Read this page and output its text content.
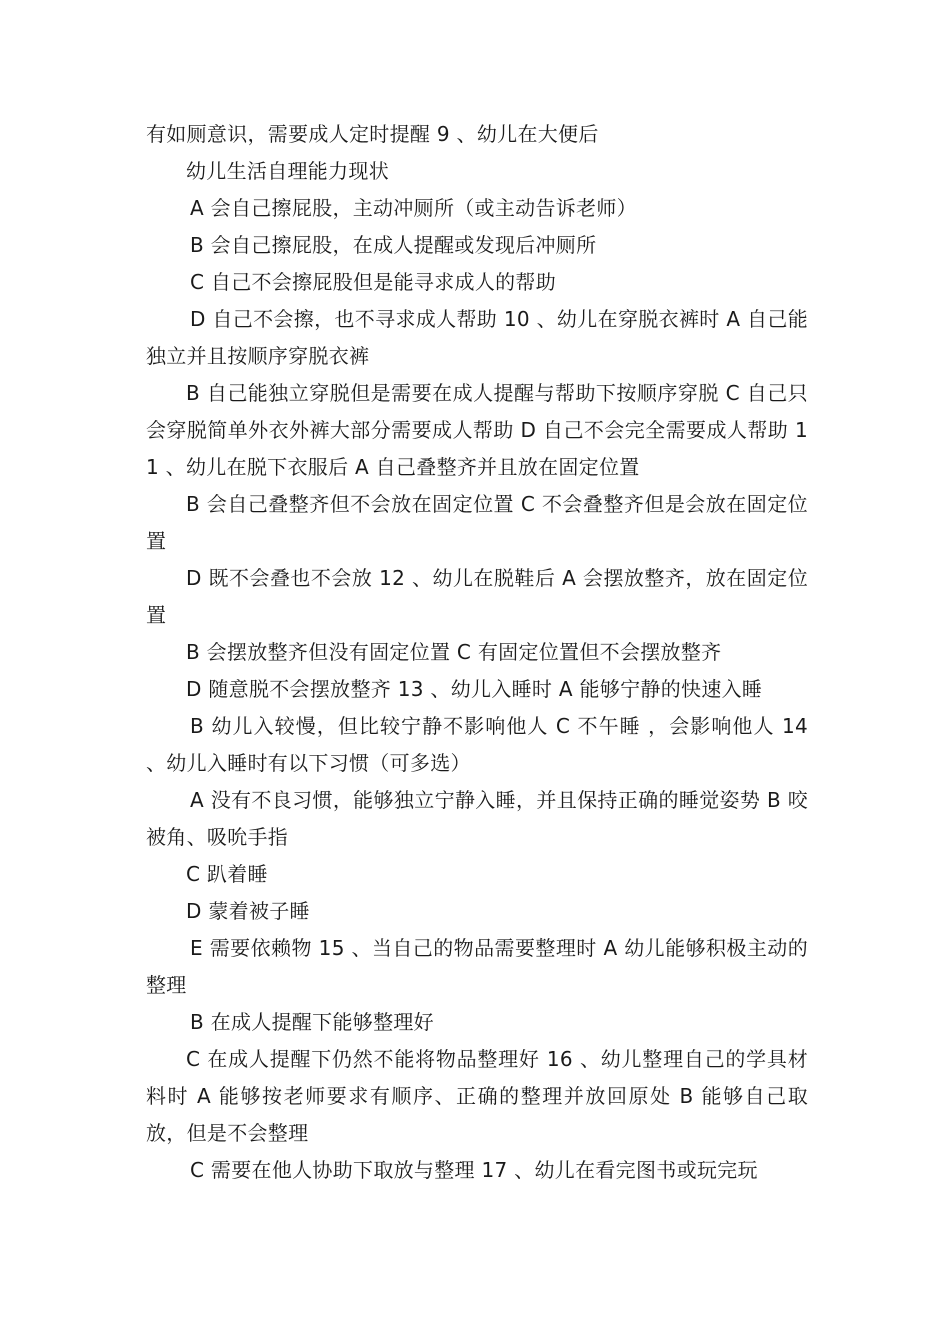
有如厕意识，需要成人定时提醒 9 、幼儿在大便后

幼儿生活自理能力现状

A 会自己擦屁股，主动冲厕所（或主动告诉老师）

B 会自己擦屁股，在成人提醒或发现后冲厕所

C 自己不会擦屁股但是能寻求成人的帮助

D 自己不会擦，也不寻求成人帮助 10 、幼儿在穿脱衣裤时 A 自己能独立并且按顺序穿脱衣裤

B 自己能独立穿脱但是需要在成人提醒与帮助下按顺序穿脱 C 自己只会穿脱简单外衣外裤大部分需要成人帮助 D 自己不会完全需要成人帮助 11 、幼儿在脱下衣服后 A 自己叠整齐并且放在固定位置

B 会自己叠整齐但不会放在固定位置 C 不会叠整齐但是会放在固定位置

D 既不会叠也不会放 12 、幼儿在脱鞋后 A 会摆放整齐，放在固定位置

B 会摆放整齐但没有固定位置 C 有固定位置但不会摆放整齐

D 随意脱不会摆放整齐 13 、幼儿入睡时 A 能够宁静的快速入睡

B 幼儿入较慢，但比较宁静不影响他人 C 不午睡 ，会影响他人 14 、幼儿入睡时有以下习惯（可多选）

A 没有不良习惯，能够独立宁静入睡，并且保持正确的睡觉姿势 B 咬被角、吸吮手指

C 趴着睡

D 蒙着被子睡

E 需要依赖物 15 、当自己的物品需要整理时 A 幼儿能够积极主动的整理

B 在成人提醒下能够整理好

C 在成人提醒下仍然不能将物品整理好 16 、幼儿整理自己的学具材料时 A 能够按老师要求有顺序、正确的整理并放回原处 B 能够自己取放，但是不会整理

C 需要在他人协助下取放与整理 17 、幼儿在看完图书或玩完玩
